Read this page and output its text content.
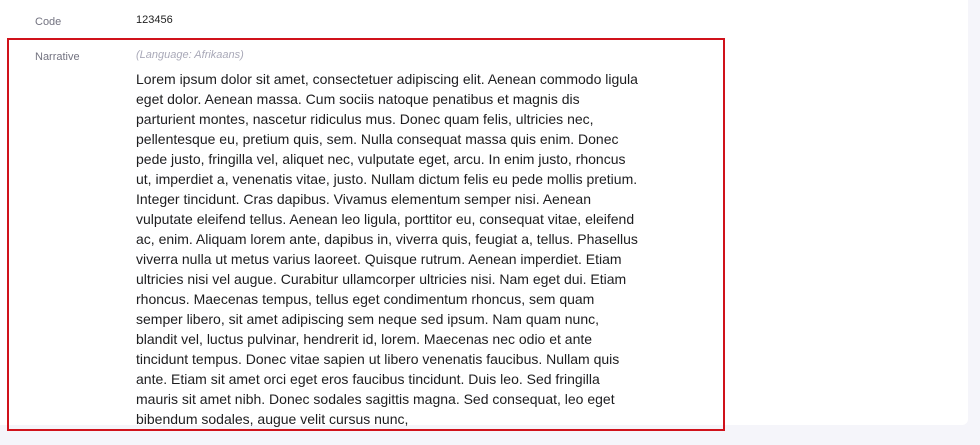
Code	123456
Narrative	(Language: Afrikaans)

Lorem ipsum dolor sit amet, consectetuer adipiscing elit. Aenean commodo ligula eget dolor. Aenean massa. Cum sociis natoque penatibus et magnis dis parturient montes, nascetur ridiculus mus. Donec quam felis, ultricies nec, pellentesque eu, pretium quis, sem. Nulla consequat massa quis enim. Donec pede justo, fringilla vel, aliquet nec, vulputate eget, arcu. In enim justo, rhoncus ut, imperdiet a, venenatis vitae, justo. Nullam dictum felis eu pede mollis pretium. Integer tincidunt. Cras dapibus. Vivamus elementum semper nisi. Aenean vulputate eleifend tellus. Aenean leo ligula, porttitor eu, consequat vitae, eleifend ac, enim. Aliquam lorem ante, dapibus in, viverra quis, feugiat a, tellus. Phasellus viverra nulla ut metus varius laoreet. Quisque rutrum. Aenean imperdiet. Etiam ultricies nisi vel augue. Curabitur ullamcorper ultricies nisi. Nam eget dui. Etiam rhoncus. Maecenas tempus, tellus eget condimentum rhoncus, sem quam semper libero, sit amet adipiscing sem neque sed ipsum. Nam quam nunc, blandit vel, luctus pulvinar, hendrerit id, lorem. Maecenas nec odio et ante tincidunt tempus. Donec vitae sapien ut libero venenatis faucibus. Nullam quis ante. Etiam sit amet orci eget eros faucibus tincidunt. Duis leo. Sed fringilla mauris sit amet nibh. Donec sodales sagittis magna. Sed consequat, leo eget bibendum sodales, augue velit cursus nunc,
